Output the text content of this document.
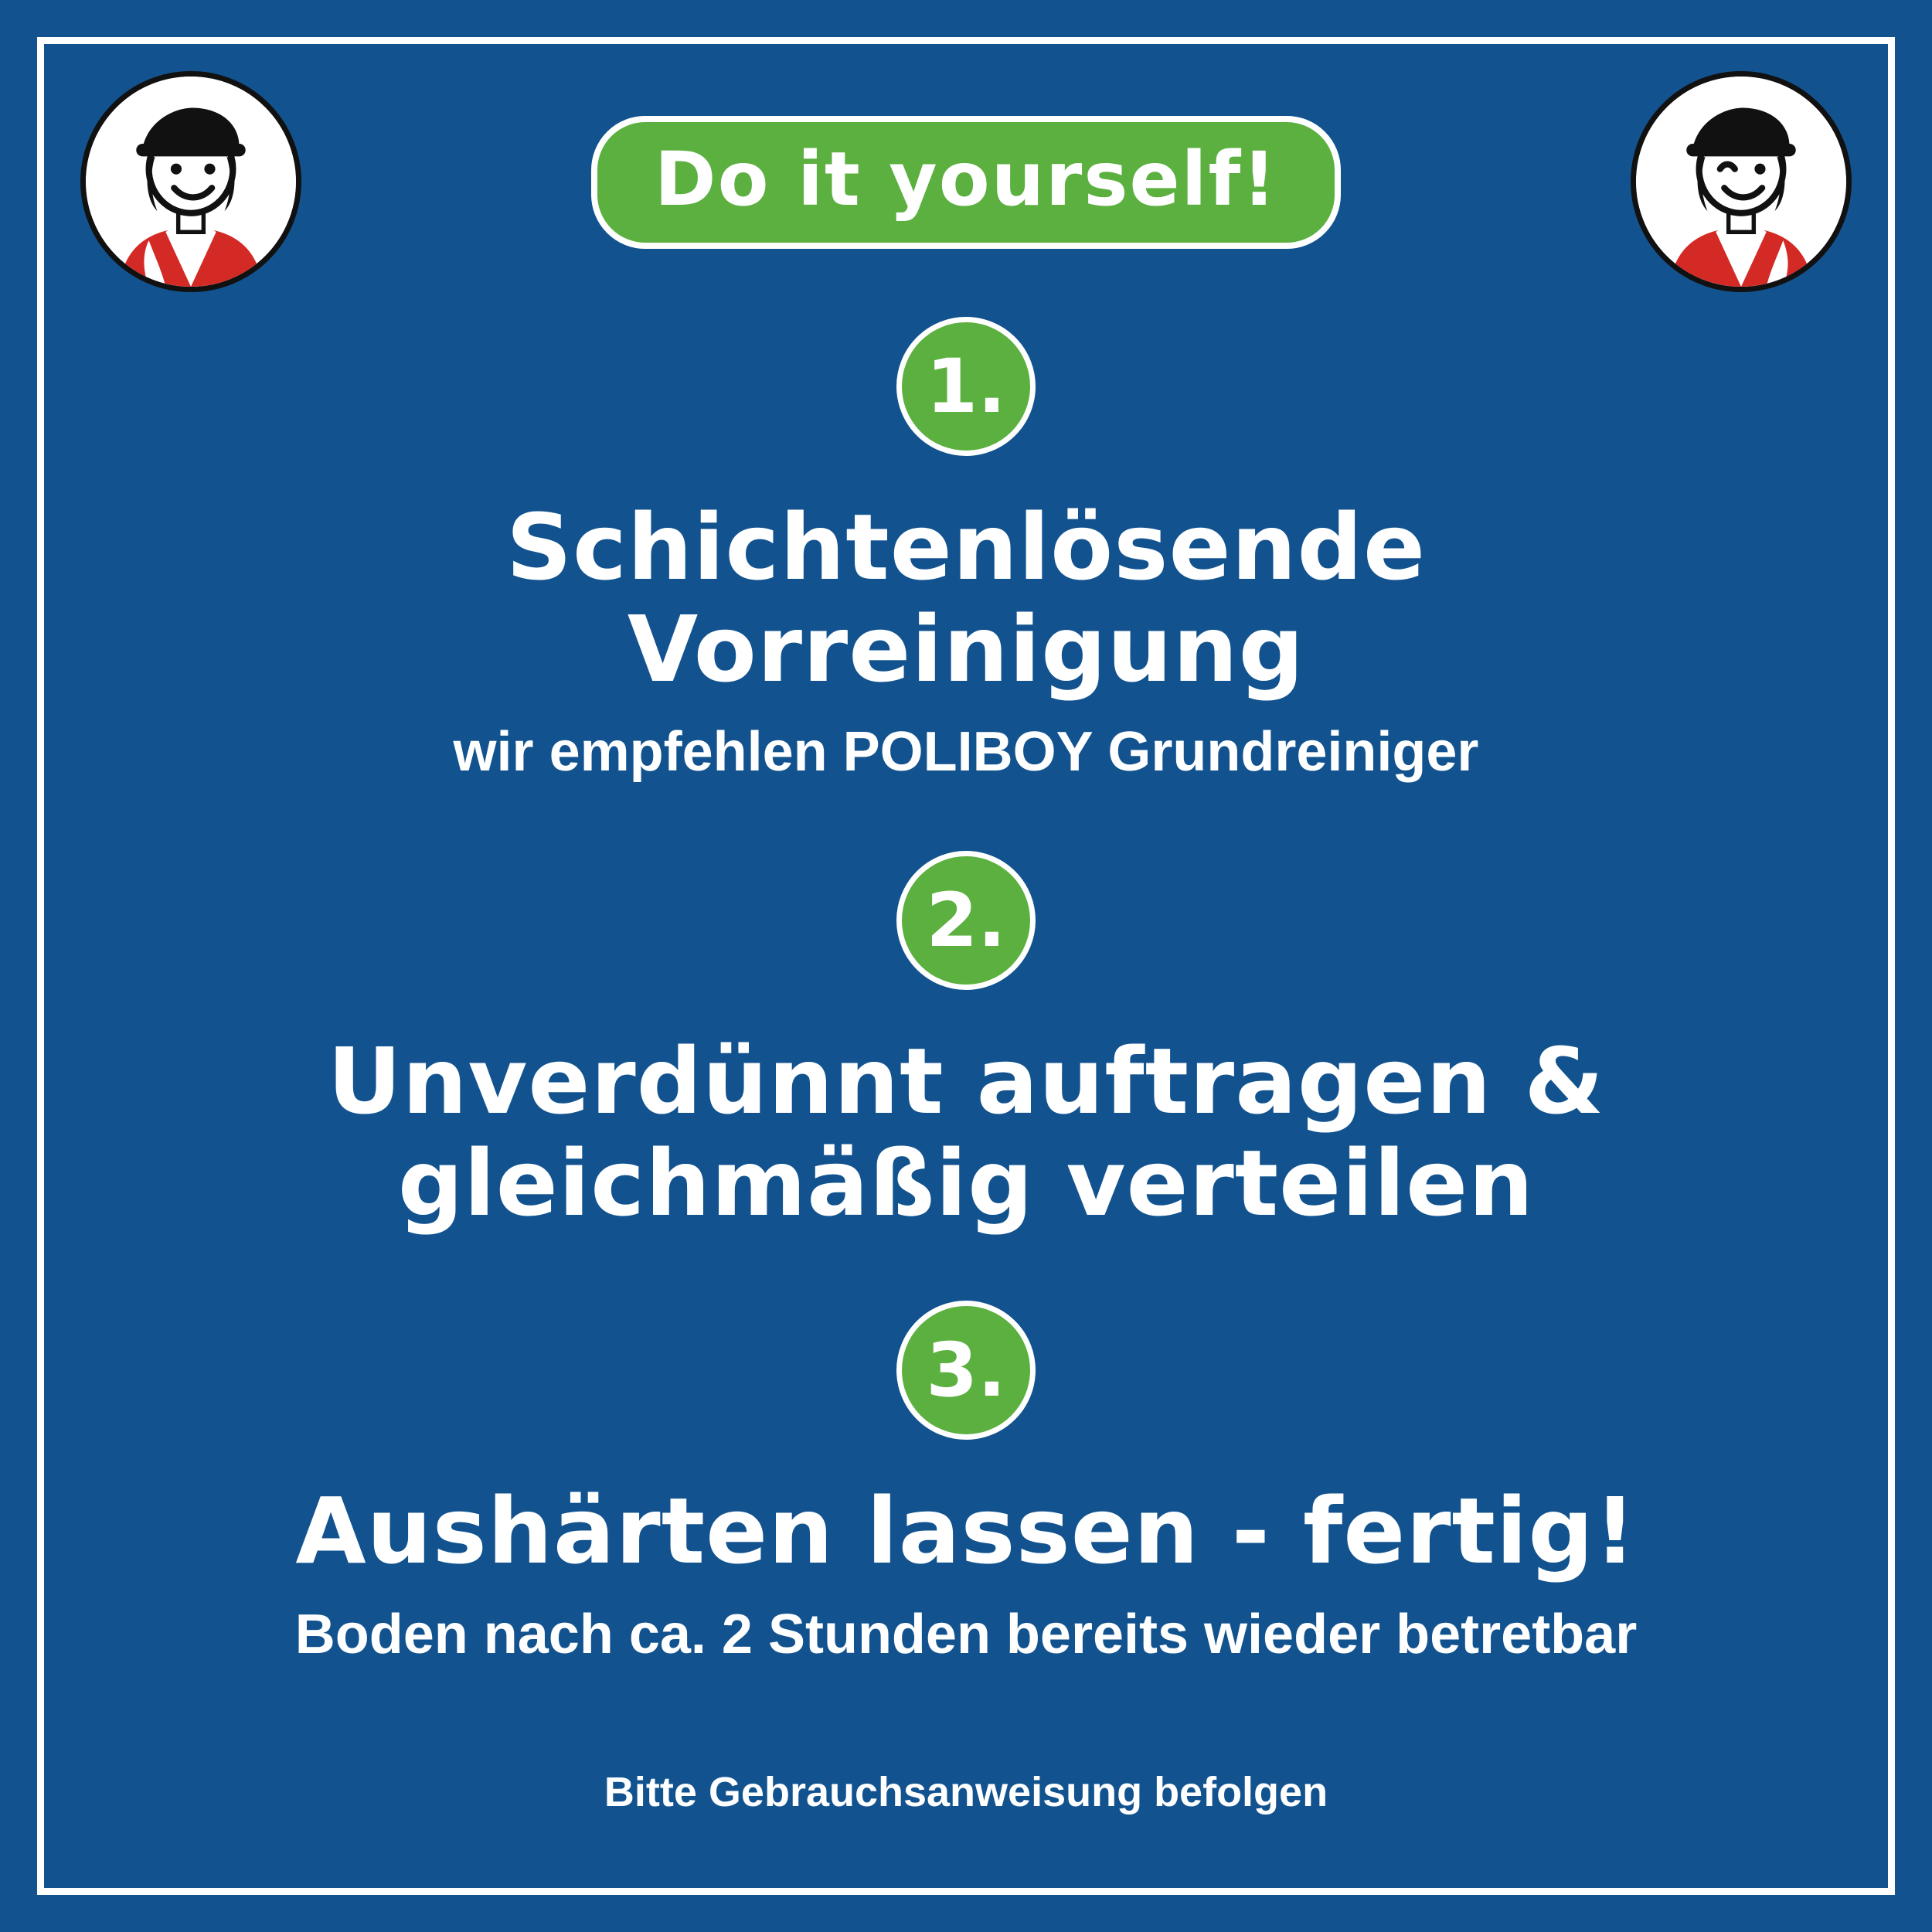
Do it yourself!
1.
Schichtenlösende Vorreinigung
wir empfehlen POLIBOY Grundreiniger
2.
Unverdünnt auftragen & gleichmäßig verteilen
3.
Aushärten lassen - fertig!
Boden nach ca. 2 Stunden bereits wieder betretbar
Bitte Gebrauchsanweisung befolgen
